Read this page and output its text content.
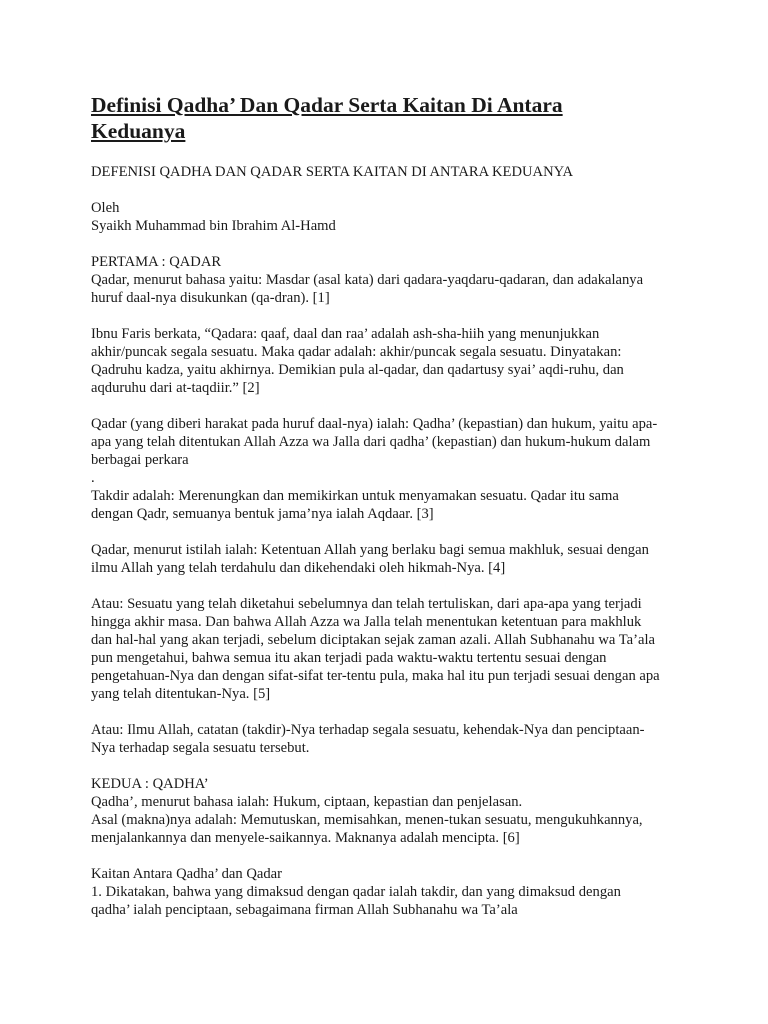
Definisi Qadha’ Dan Qadar Serta Kaitan Di Antara
Keduanya

DEFENISI QADHA DAN QADAR SERTA KAITAN DI ANTARA KEDUANYA

Oleh
Syaikh Muhammad bin Ibrahim Al-Hamd

PERTAMA : QADAR
Qadar, menurut bahasa yaitu: Masdar (asal kata) dari qadara-yaqdaru-qadaran, dan adakalanya
huruf daal-nya disukunkan (qa-dran). [1]

Ibnu Faris berkata, “Qadara: qaaf, daal dan raa’ adalah ash-sha-hiih yang menunjukkan
akhir/puncak segala sesuatu. Maka qadar adalah: akhir/puncak segala sesuatu. Dinyatakan:
Qadruhu kadza, yaitu akhirnya. Demikian pula al-qadar, dan qadartusy syai’ aqdi-ruhu, dan
aqduruhu dari at-taqdiir.” [2]

Qadar (yang diberi harakat pada huruf daal-nya) ialah: Qadha’ (kepastian) dan hukum, yaitu apa-
apa yang telah ditentukan Allah Azza wa Jalla dari qadha’ (kepastian) dan hukum-hukum dalam
berbagai perkara

.
Takdir adalah: Merenungkan dan memikirkan untuk menyamakan sesuatu. Qadar itu sama
dengan Qadr, semuanya bentuk jama’nya ialah Aqdaar. [3]

Qadar, menurut istilah ialah: Ketentuan Allah yang berlaku bagi semua makhluk, sesuai dengan
ilmu Allah yang telah terdahulu dan dikehendaki oleh hikmah-Nya. [4]

Atau: Sesuatu yang telah diketahui sebelumnya dan telah tertuliskan, dari apa-apa yang terjadi
hingga akhir masa. Dan bahwa Allah Azza wa Jalla telah menentukan ketentuan para makhluk
dan hal-hal yang akan terjadi, sebelum diciptakan sejak zaman azali. Allah Subhanahu wa Ta’ala
pun mengetahui, bahwa semua itu akan terjadi pada waktu-waktu tertentu sesuai dengan
pengetahuan-Nya dan dengan sifat-sifat ter-tentu pula, maka hal itu pun terjadi sesuai dengan apa
yang telah ditentukan-Nya. [5]

Atau: Ilmu Allah, catatan (takdir)-Nya terhadap segala sesuatu, kehendak-Nya dan penciptaan-
Nya terhadap segala sesuatu tersebut.

KEDUA : QADHA’
Qadha’, menurut bahasa ialah: Hukum, ciptaan, kepastian dan penjelasan.
Asal (makna)nya adalah: Memutuskan, memisahkan, menen-tukan sesuatu, mengukuhkannya,
menjalankannya dan menyele-saikannya. Maknanya adalah mencipta. [6]

Kaitan Antara Qadha’ dan Qadar
1. Dikatakan, bahwa yang dimaksud dengan qadar ialah takdir, dan yang dimaksud dengan
qadha’ ialah penciptaan, sebagaimana firman Allah Subhanahu wa Ta’ala
